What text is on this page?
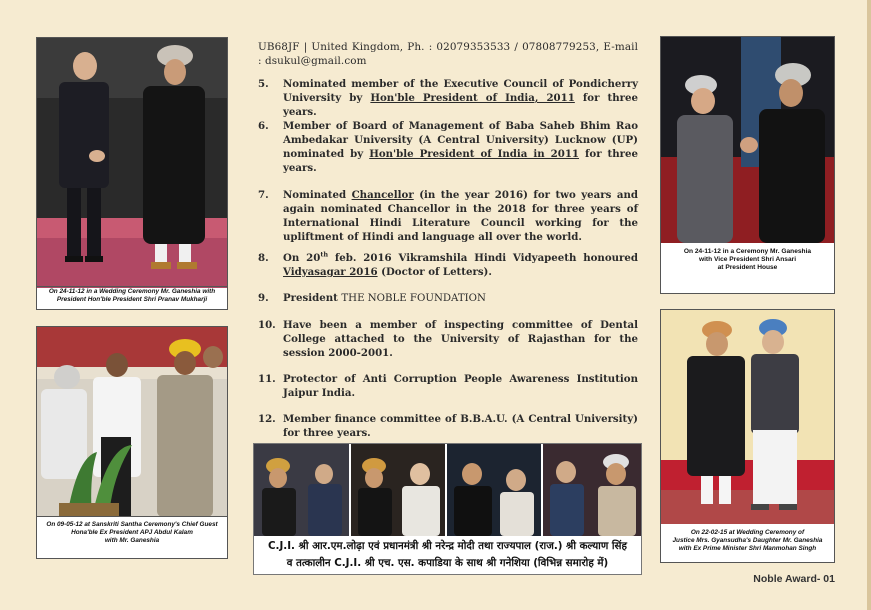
On 24-11-12 in a Wedding Ceremony Mr. Ganeshia with
President Hon'ble President Shri Pranav Mukharji
On 09-05-12 at Sanskriti Santha Ceremony's Chief Guest
Hona'ble Ex President APJ Abdul Kalam
with Mr. Ganeshia
On 24-11-12 in a Ceremony Mr. Ganeshia
with Vice President Shri Ansari
at President House
On 22-02-15 at Wedding Ceremony of
Justice Mrs. Gyansudha's Daughter Mr. Ganeshia
with Ex Prime Minister Shri Manmohan Singh

UB68JF | United Kingdom, Ph. : 02079353533 / 07808779253, E-mail : dsukul@gmail.com

5. Nominated member of the Executive Council of Pondicherry University by Hon'ble President of India, 2011 for three years.

6. Member of Board of Management of Baba Saheb Bhim Rao Ambedakar University (A Central University) Lucknow (UP) nominated by Hon'ble President of India in 2011 for three years.

7. Nominated Chancellor (in the year 2016) for two years and again nominated Chancellor in the 2018 for three years of International Hindi Literature Council working for the upliftment of Hindi and language all over the world.

8. On 20th feb. 2016 Vikramshila Hindi Vidyapeeth honoured Vidyasagar 2016 (Doctor of Letters).

9. President THE NOBLE FOUNDATION

10. Have been a member of inspecting committee of Dental College attached to the University of Rajasthan for the session 2000-2001.

11. Protector of Anti Corruption People Awareness Institution Jaipur India.

12. Member finance committee of B.B.A.U. (A Central University) for three years.

C.J.I. श्री आर.एम.लोढ़ा एवं प्रधानमंत्री श्री नरेन्द्र मोदी तथा राज्यपाल (राज.) श्री कल्याण सिंह
व तत्कालीन C.J.I. श्री एच. एस. कपाडिया के साथ श्री गनेशिया (विभिन्न समारोह में)
Noble Award- 01
